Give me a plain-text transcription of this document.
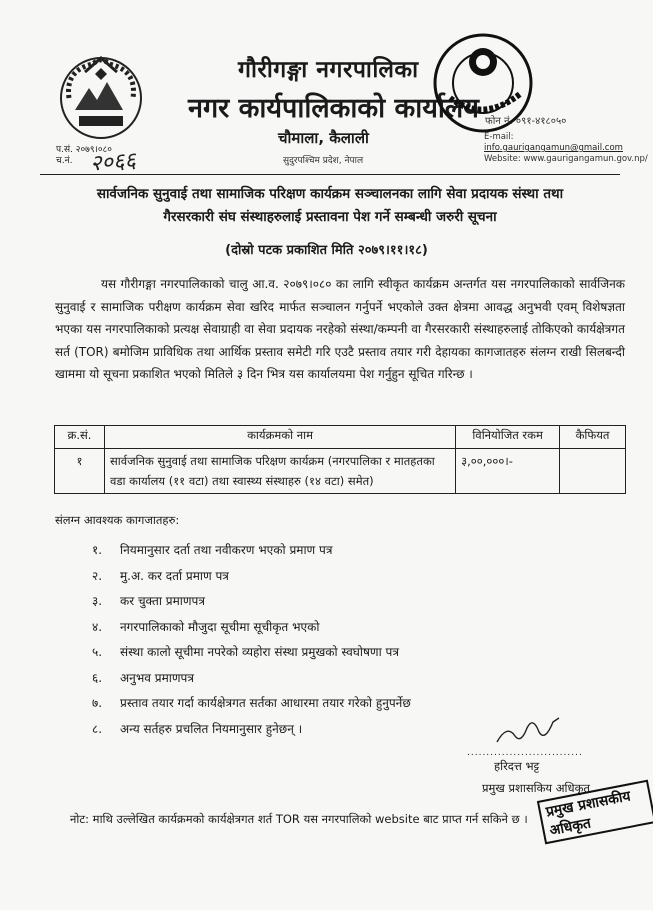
गौरीगङ्गा नगरपालिका
नगर कार्यपालिकाको कार्यालय
चौमाला, कैलाली
सुदुरपश्चिम प्रदेश, नेपाल
फोन नं. ०९१-४१८०५०
E-mail: info.gaurigangamun@gmail.com
Website: www.gaurigangamun.gov.np/
प.सं. २०७९।०८०
च.नं. २०६६
सार्वजनिक सुनुवाई तथा सामाजिक परिक्षण कार्यक्रम सञ्चालनका लागि सेवा प्रदायक संस्था तथा
गैरसरकारी संघ संस्थाहरुलाई प्रस्तावना पेश गर्ने सम्बन्धी जरुरी सूचना
(दोस्रो पटक प्रकाशित मिति २०७९।११।१८)
यस गौरीगङ्गा नगरपालिकाको चालु आ.व. २०७९।०८० का लागि स्वीकृत कार्यक्रम अन्तर्गत यस नगरपालिकाको सार्वजिनक सुनुवाई र सामाजिक परीक्षण कार्यक्रम सेवा खरिद मार्फत सञ्चालन गर्नुपर्ने भएकोले उक्त क्षेत्रमा आवद्ध अनुभवी एवम् विशेषज्ञता भएका यस नगरपालिकाको प्रत्यक्ष सेवाग्राही वा सेवा प्रदायक नरहेको संस्था/कम्पनी वा गैरसरकारी संस्थाहरुलाई तोकिएको कार्यक्षेत्रगत सर्त (TOR) बमोजिम प्राविधिक तथा आर्थिक प्रस्ताव समेटी गरि एउटै प्रस्ताव तयार गरी देहायका कागजातहरु संलग्न राखी सिलबन्दी खाममा यो सूचना प्रकाशित भएको मितिले ३ दिन भित्र यस कार्यालयमा पेश गर्नुहुन सूचित गरिन्छ ।
क्र.सं.	कार्यक्रमको नाम	विनियोजित रकम	कैफियत
१	सार्वजनिक सुनुवाई तथा सामाजिक परिक्षण कार्यक्रम (नगरपालिका र मातहतका वडा कार्यालय (११ वटा) तथा स्वास्थ्य संस्थाहरु (१४ वटा) समेत)	३,००,०००।-	
संलग्न आवश्यक कागजातहरु:
१.	नियमानुसार दर्ता तथा नवीकरण भएको प्रमाण पत्र
२.	मु.अ. कर दर्ता प्रमाण पत्र
३.	कर चुक्ता प्रमाणपत्र
४.	नगरपालिकाको मौजुदा सूचीमा सूचीकृत भएको
५.	संस्था कालो सूचीमा नपरेको व्यहोरा संस्था प्रमुखको स्वघोषणा पत्र
६.	अनुभव प्रमाणपत्र
७.	प्रस्ताव तयार गर्दा कार्यक्षेत्रगत सर्तका आधारमा तयार गरेको हुनुपर्नेछ
८.	अन्य सर्तहरु प्रचलित नियमानुसार हुनेछन् ।
..............................
हरिदत्त भट्ट
प्रमुख प्रशासकिय अधिकृत
नोट: माथि उल्लेखित कार्यक्रमको कार्यक्षेत्रगत शर्त TOR यस नगरपालिको website बाट प्राप्त गर्न सकिने छ ।	प्रमुख प्रशासकीय अधिकृत
